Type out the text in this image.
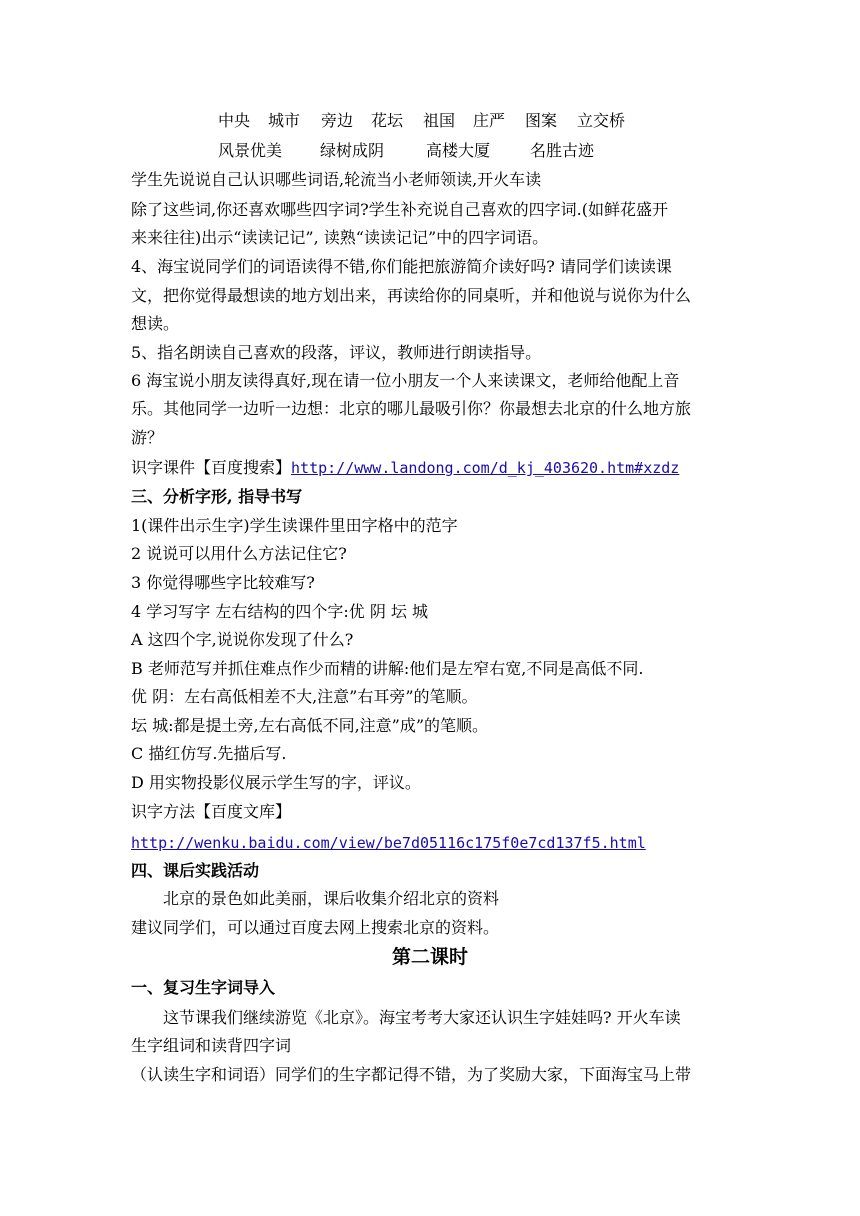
中央 城市 旁边 花坛 祖国 庄严 图案 立交桥
风景优美 绿树成阴	高楼大厦 名胜古迹
学生先说说自己认识哪些词语,轮流当小老师领读,开火车读
除了这些词,你还喜欢哪些四字词?学生补充说自己喜欢的四字词.(如鲜花盛开
来来往往)出示“读读记记”, 读熟“读读记记”中的四字词语。
4、海宝说同学们的词语读得不错,你们能把旅游简介读好吗? 请同学们读读课
文，把你觉得最想读的地方划出来，再读给你的同桌听，并和他说与说你为什么
想读。
5、指名朗读自己喜欢的段落，评议，教师进行朗读指导。
6 海宝说小朋友读得真好,现在请一位小朋友一个人来读课文，老师给他配上音
乐。其他同学一边听一边想：北京的哪儿最吸引你？你最想去北京的什么地方旅
游？
识字课件【百度搜索】http://www.landong.com/d_kj_403620.htm#xzdz
三、分析字形, 指导书写
1(课件出示生字)学生读课件里田字格中的范字
2 说说可以用什么方法记住它?
3 你觉得哪些字比较难写?
4 学习写字 左右结构的四个字:优 阴 坛 城
A 这四个字,说说你发现了什么?
B 老师范写并抓住难点作少而精的讲解:他们是左窄右宽,不同是高低不同.
优 阴：左右高低相差不大,注意”右耳旁”的笔顺。
坛 城:都是提土旁,左右高低不同,注意”成”的笔顺。
C 描红仿写.先描后写.
D 用实物投影仪展示学生写的字，评议。
识字方法【百度文库】
http://wenku.baidu.com/view/be7d05116c175f0e7cd137f5.html
四、课后实践活动
北京的景色如此美丽，课后收集介绍北京的资料
建议同学们，可以通过百度去网上搜索北京的资料。
第二课时
一、复习生字词导入
这节课我们继续游览《北京》。海宝考考大家还认识生字娃娃吗? 开火车读
生字组词和读背四字词
（认读生字和词语）同学们的生字都记得不错，为了奖励大家，下面海宝马上带
